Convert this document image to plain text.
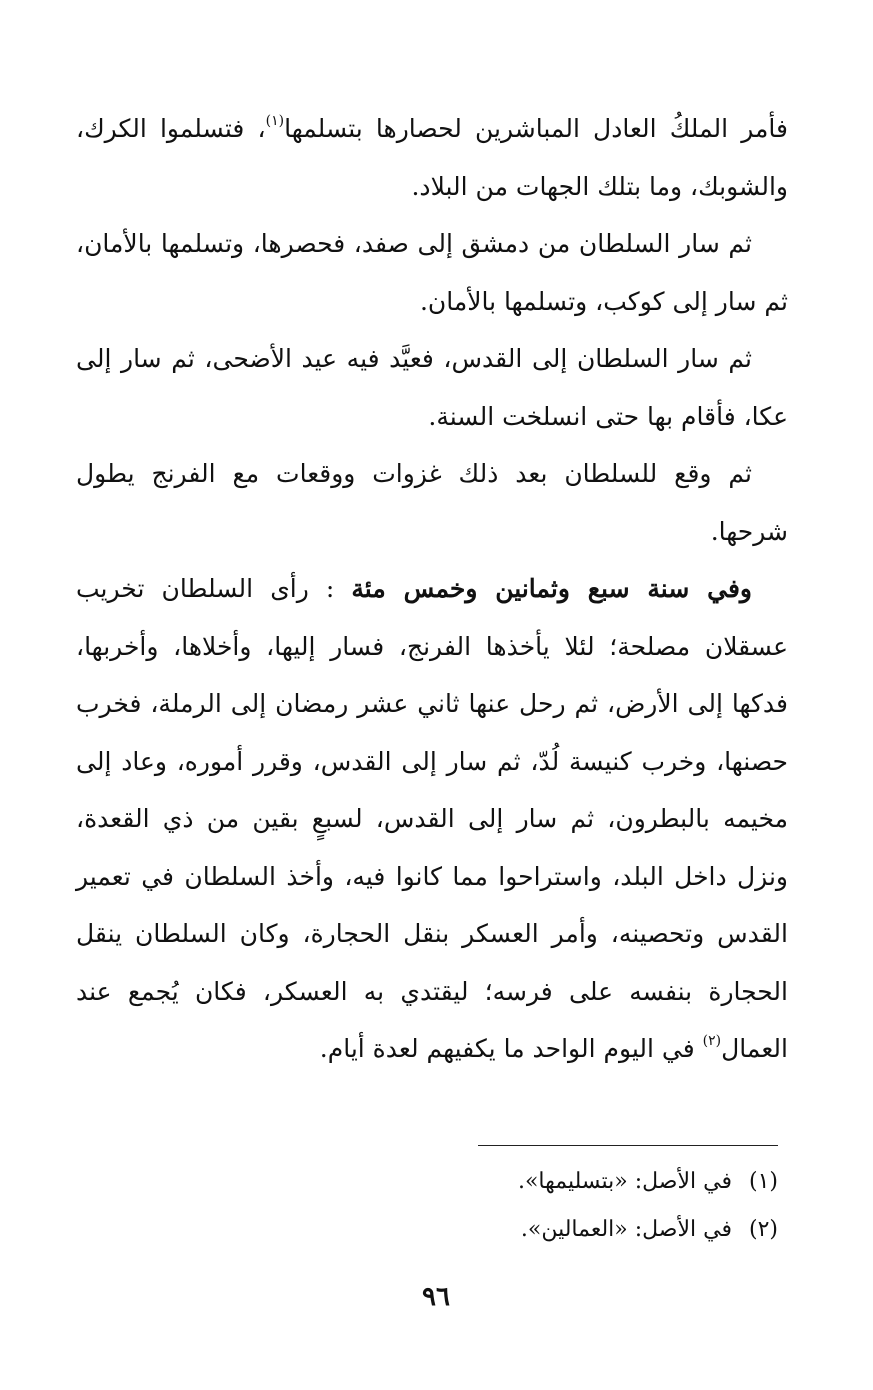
فأمر الملكُ العادل المباشرين لحصارها بتسلمها$^{(١)}$، فتسلموا الكرك، والشوبك، وما بتلك الجهات من البلاد.

ثم سار السلطان من دمشق إلى صفد، فحصرها، وتسلمها بالأمان، ثم سار إلى كوكب، وتسلمها بالأمان.

ثم سار السلطان إلى القدس، فعيَّد فيه عيد الأضحى، ثم سار إلى عكا، فأقام بها حتى انسلخت السنة.

ثم وقع للسلطان بعد ذلك غزوات ووقعات مع الفرنج يطول شرحها.

وفي سنة سبع وثمانين وخمس مئة : رأى السلطان تخريب عسقلان مصلحة؛ لئلا يأخذها الفرنج، فسار إليها، وأخلاها، وأخربها، فدكها إلى الأرض، ثم رحل عنها ثاني عشر رمضان إلى الرملة، فخرب حصنها، وخرب كنيسة لُدّ، ثم سار إلى القدس، وقرر أموره، وعاد إلى مخيمه بالبطرون، ثم سار إلى القدس، لسبعٍ بقين من ذي القعدة، ونزل داخل البلد، واستراحوا مما كانوا فيه، وأخذ السلطان في تعمير القدس وتحصينه، وأمر العسكر بنقل الحجارة، وكان السلطان ينقل الحجارة بنفسه على فرسه؛ ليقتدي به العسكر، فكان يُجمع عند العمال$^{(٢)}$ في اليوم الواحد ما يكفيهم لعدة أيام.

(١)في الأصل: «بتسليمها».
(٢)في الأصل: «العمالين».
٩٦
